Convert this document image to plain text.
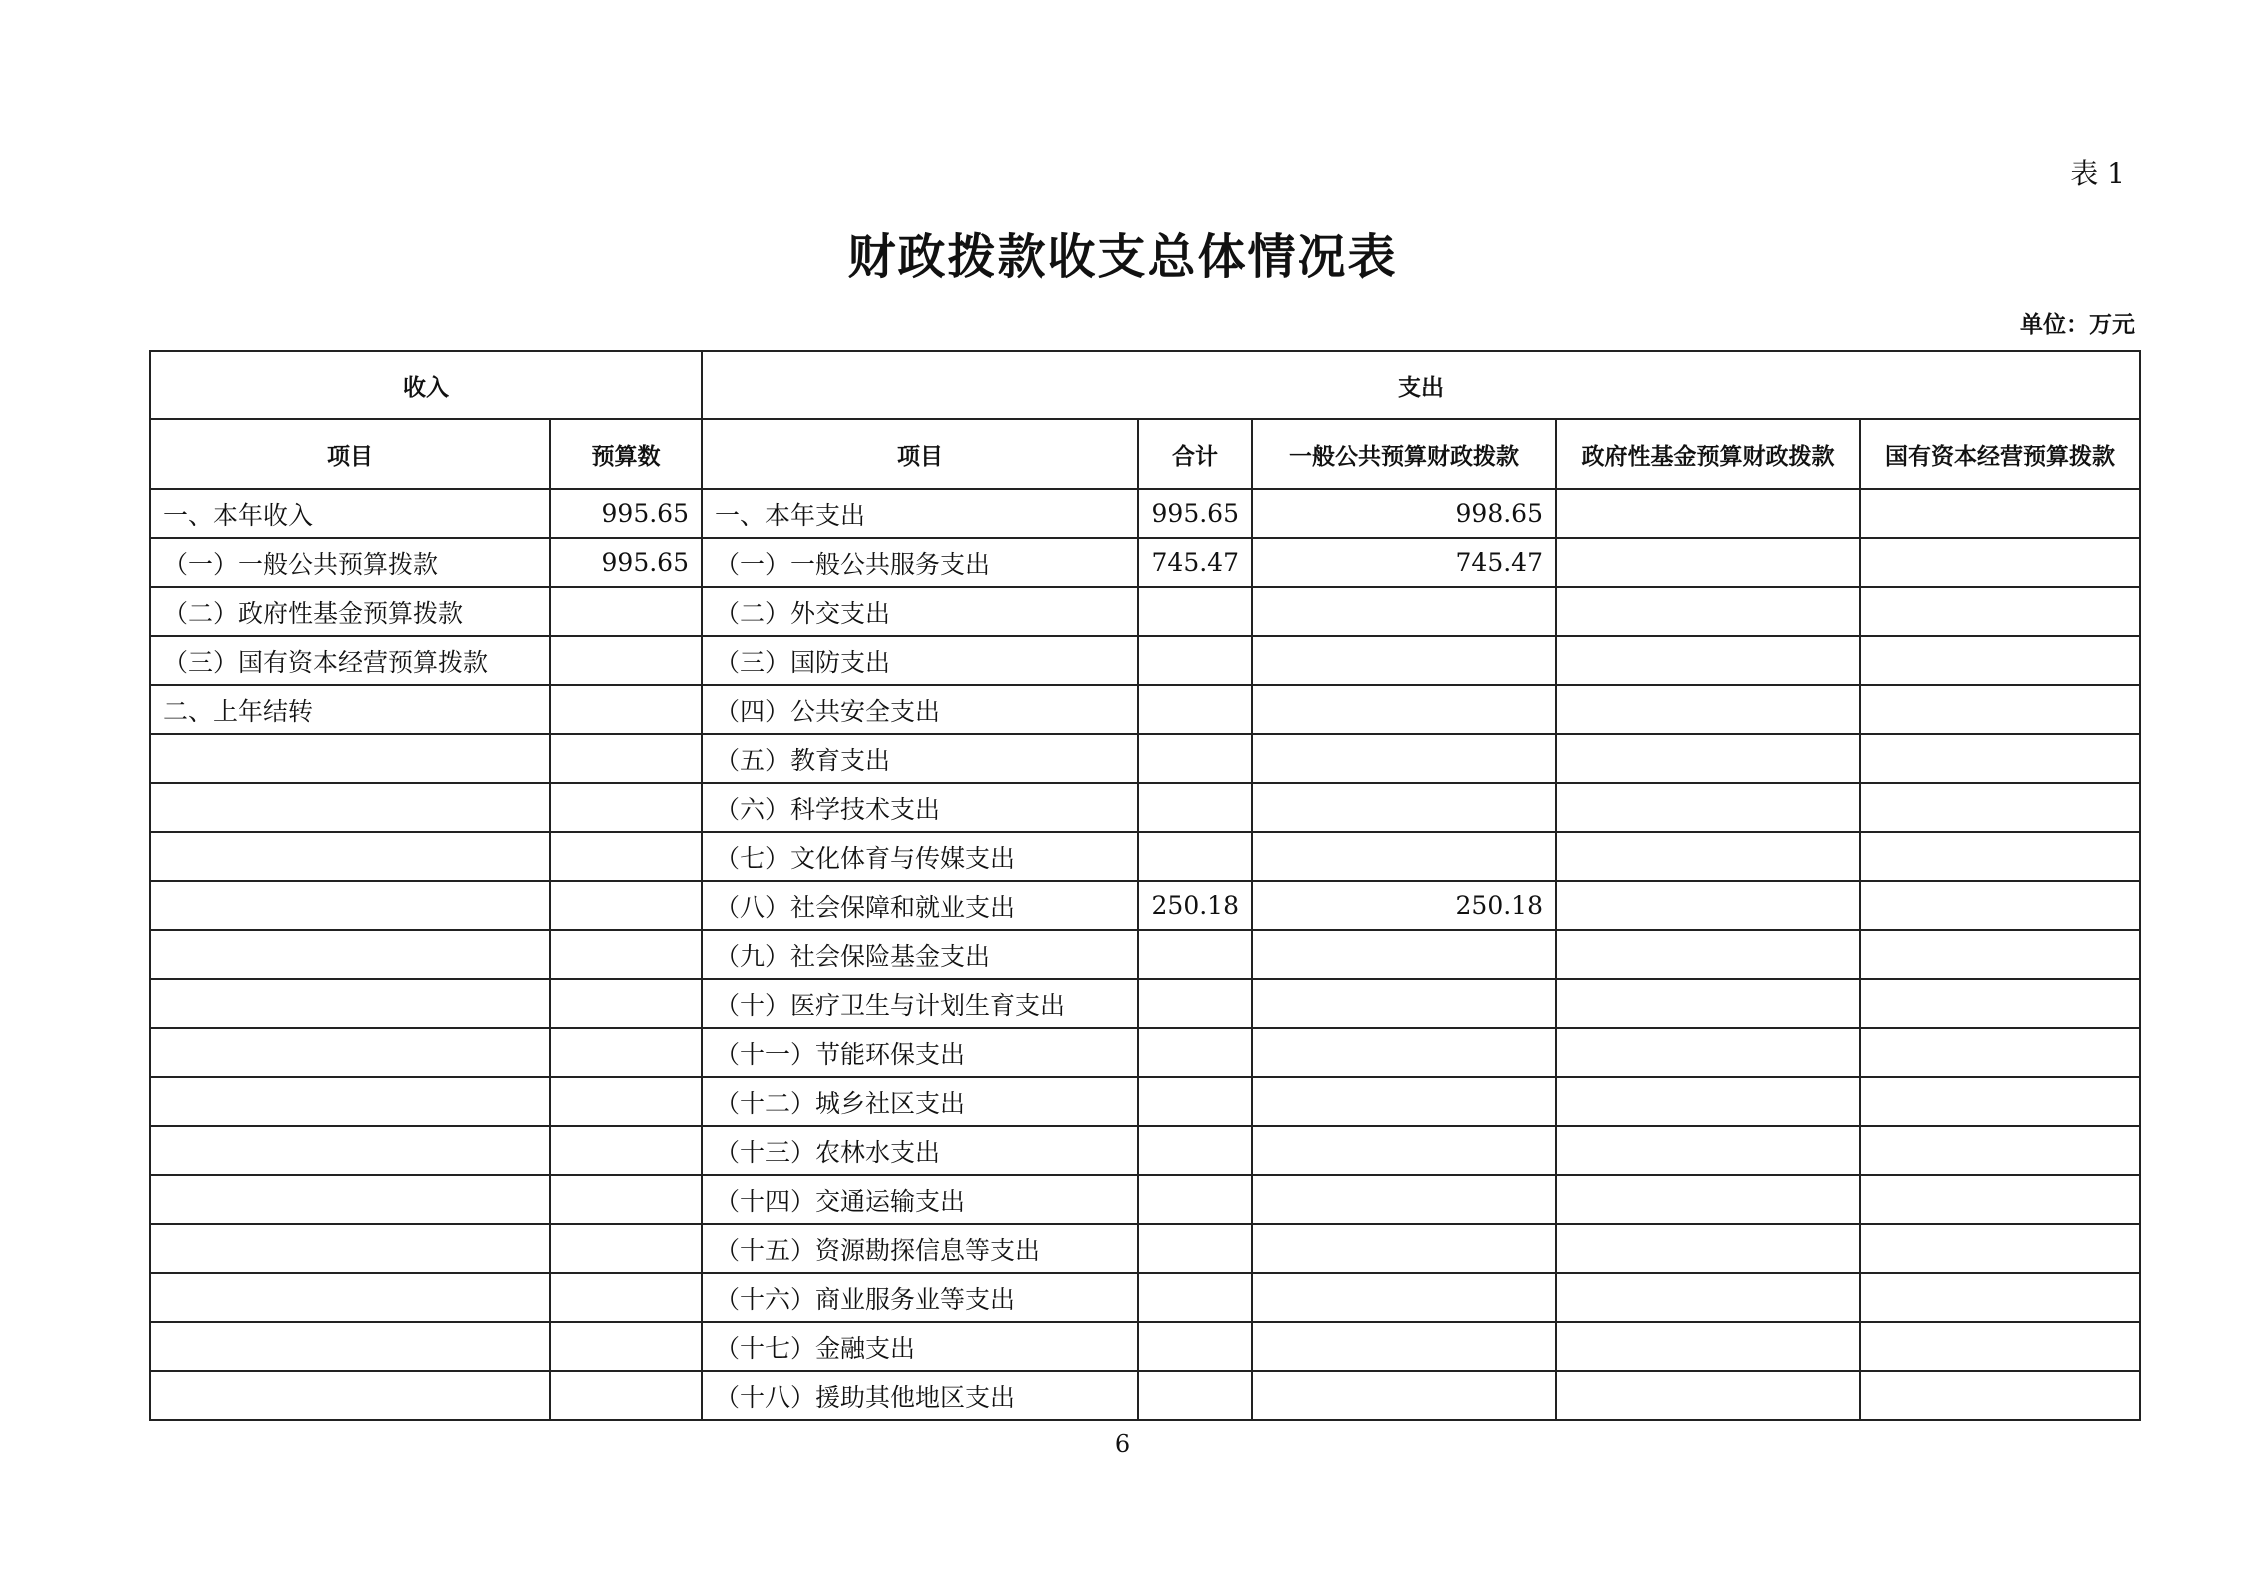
表 1
财政拨款收支总体情况表
单位：万元
收入		支出				
项目	预算数	项目	合计	一般公共预算财政拨款	政府性基金预算财政拨款	国有资本经营预算拨款
一、本年收入	995.65	一、本年支出	995.65	998.65		
（一）一般公共预算拨款	995.65	（一）一般公共服务支出	745.47	745.47		
（二）政府性基金预算拨款		（二）外交支出				
（三）国有资本经营预算拨款		（三）国防支出				
二、上年结转		（四）公共安全支出				
		（五）教育支出				
		（六）科学技术支出				
		（七）文化体育与传媒支出				
		（八）社会保障和就业支出	250.18	250.18		
		（九）社会保险基金支出				
		（十）医疗卫生与计划生育支出				
		（十一）节能环保支出				
		（十二）城乡社区支出				
		（十三）农林水支出				
		（十四）交通运输支出				
		（十五）资源勘探信息等支出				
		（十六）商业服务业等支出				
		（十七）金融支出				
		（十八）援助其他地区支出				
6
